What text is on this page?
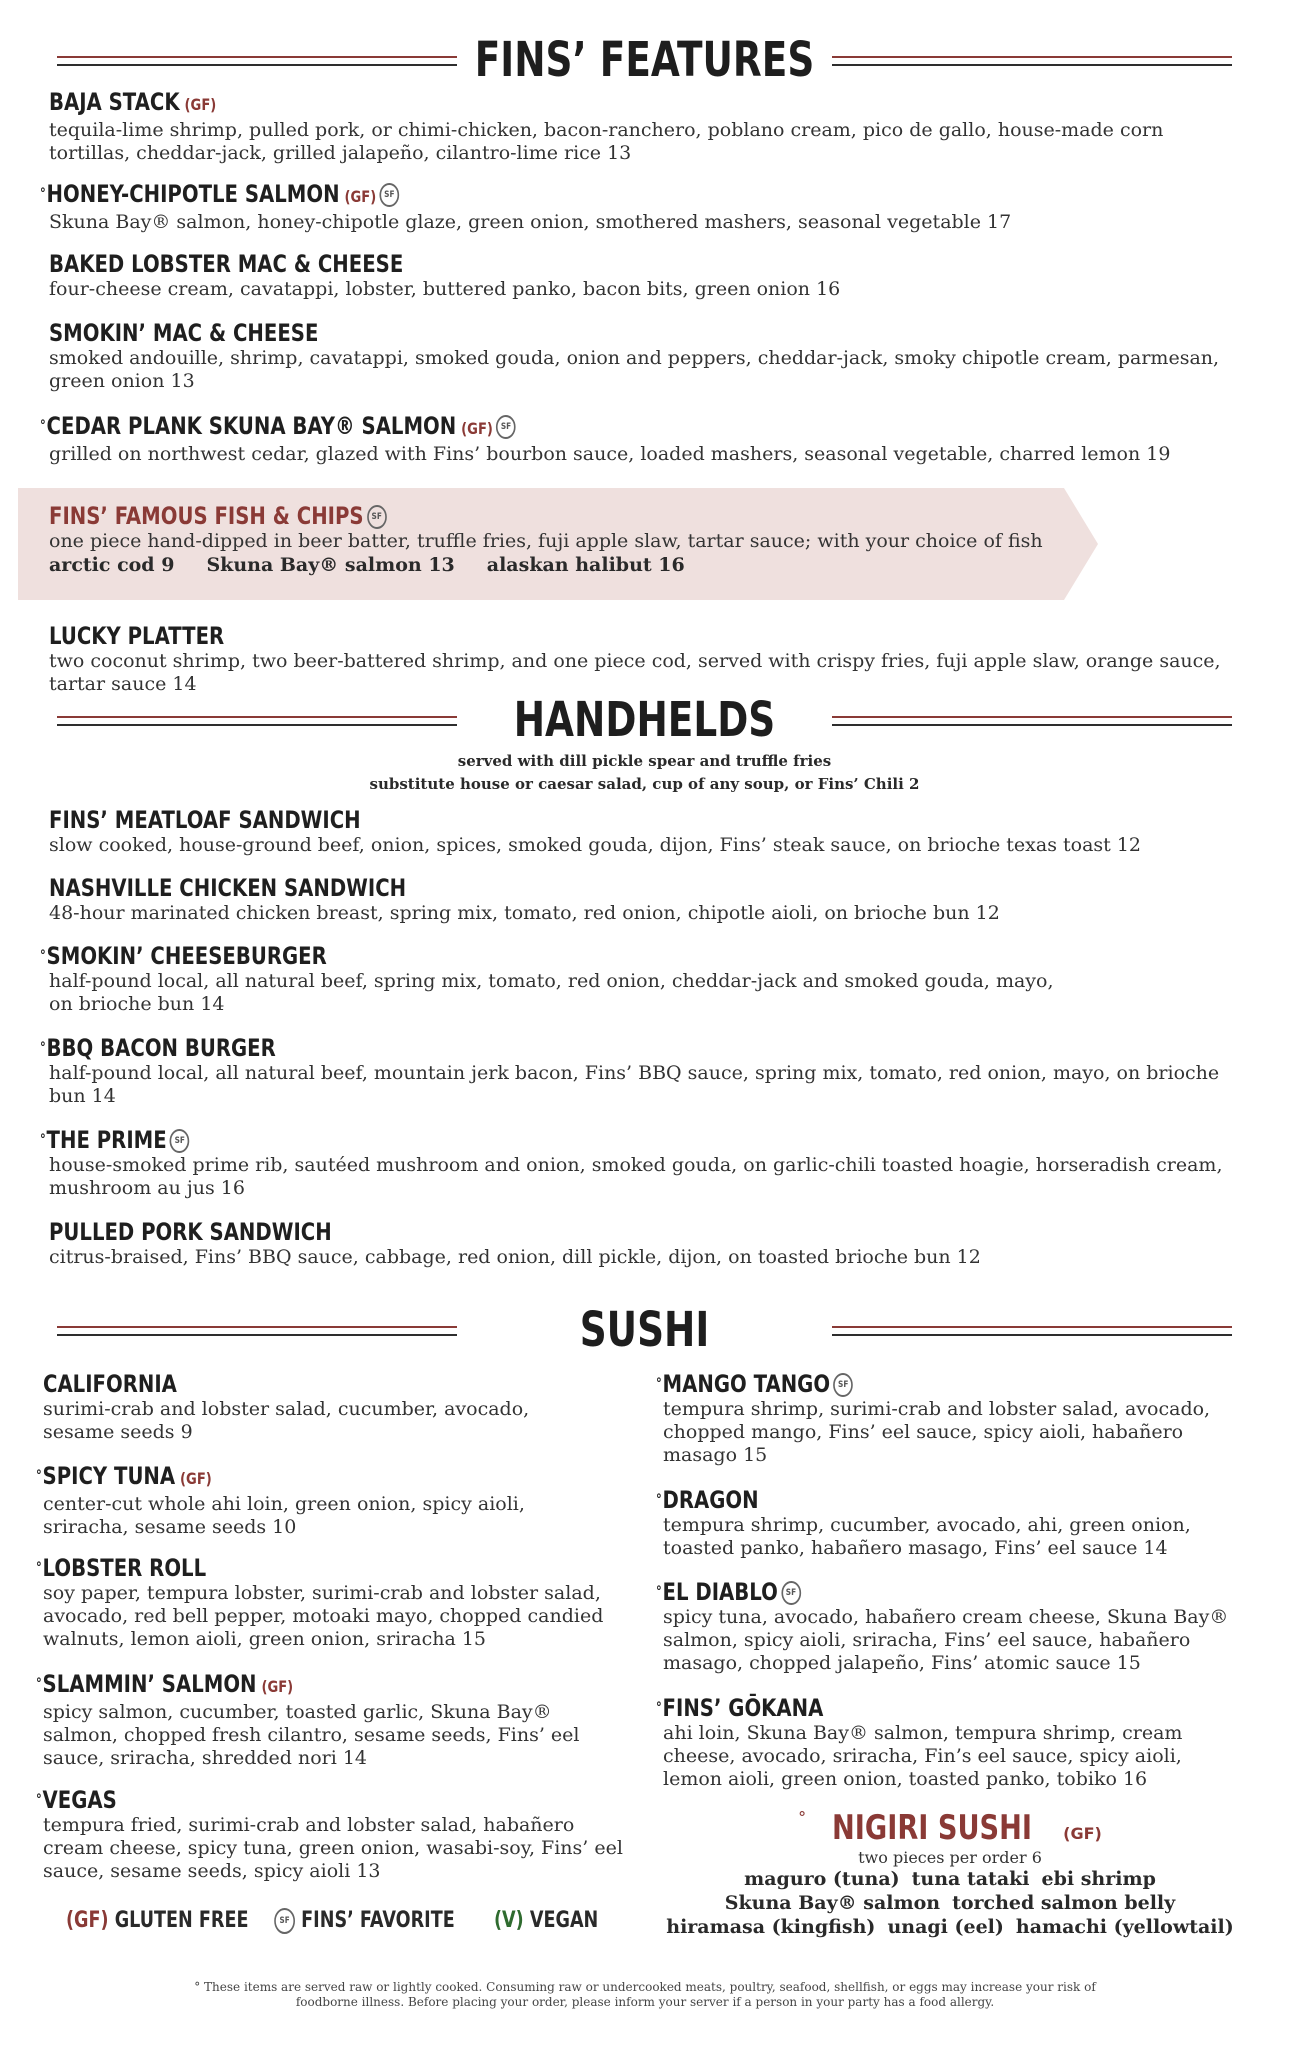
FINS’ FEATURES
BAJA STACK (GF)

tequila-lime shrimp, pulled pork, or chimi-chicken, bacon-ranchero, poblano cream, pico de gallo, house-made corn tortillas, cheddar-jack, grilled jalapeño, cilantro-lime rice 13

°HONEY-CHIPOTLE SALMON (GF) SF

Skuna Bay® salmon, honey-chipotle glaze, green onion, smothered mashers, seasonal vegetable 17

BAKED LOBSTER MAC & CHEESE

four-cheese cream, cavatappi, lobster, buttered panko, bacon bits, green onion 16

SMOKIN’ MAC & CHEESE

smoked andouille, shrimp, cavatappi, smoked gouda, onion and peppers, cheddar-jack, smoky chipotle cream, parmesan, green onion 13

°CEDAR PLANK SKUNA BAY® SALMON (GF) SF

grilled on northwest cedar, glazed with Fins’ bourbon sauce, loaded mashers, seasonal vegetable, charred lemon 19

FINS’ FAMOUS FISH & CHIPS SF

one piece hand-dipped in beer batter, truffle fries, fuji apple slaw, tartar sauce; with your choice of fish

arctic cod 9 Skuna Bay® salmon 13 alaskan halibut 16
LUCKY PLATTER

two coconut shrimp, two beer-battered shrimp, and one piece cod, served with crispy fries, fuji apple slaw, orange sauce, tartar sauce 14

HANDHELDS
served with dill pickle spear and truffle fries
substitute house or caesar salad, cup of any soup, or Fins’ Chili 2
FINS’ MEATLOAF SANDWICH

slow cooked, house-ground beef, onion, spices, smoked gouda, dijon, Fins’ steak sauce, on brioche texas toast 12

NASHVILLE CHICKEN SANDWICH

48-hour marinated chicken breast, spring mix, tomato, red onion, chipotle aioli, on brioche bun 12

°SMOKIN’ CHEESEBURGER

half-pound local, all natural beef, spring mix, tomato, red onion, cheddar-jack and smoked gouda, mayo, on brioche bun 14

°BBQ BACON BURGER

half-pound local, all natural beef, mountain jerk bacon, Fins’ BBQ sauce, spring mix, tomato, red onion, mayo, on brioche bun 14

°THE PRIME SF

house-smoked prime rib, sautéed mushroom and onion, smoked gouda, on garlic-chili toasted hoagie, horseradish cream, mushroom au jus 16

PULLED PORK SANDWICH

citrus-braised, Fins’ BBQ sauce, cabbage, red onion, dill pickle, dijon, on toasted brioche bun 12

SUSHI
CALIFORNIA

surimi-crab and lobster salad, cucumber, avocado, sesame seeds 9

°SPICY TUNA (GF)

center-cut whole ahi loin, green onion, spicy aioli, sriracha, sesame seeds 10

°LOBSTER ROLL

soy paper, tempura lobster, surimi-crab and lobster salad, avocado, red bell pepper, motoaki mayo, chopped candied walnuts, lemon aioli, green onion, sriracha 15

°SLAMMIN’ SALMON (GF)

spicy salmon, cucumber, toasted garlic, Skuna Bay® salmon, chopped fresh cilantro, sesame seeds, Fins’ eel sauce, sriracha, shredded nori 14

°VEGAS

tempura fried, surimi-crab and lobster salad, habañero cream cheese, spicy tuna, green onion, wasabi-soy, Fins’ eel sauce, sesame seeds, spicy aioli 13

°MANGO TANGO SF

tempura shrimp, surimi-crab and lobster salad, avocado, chopped mango, Fins’ eel sauce, spicy aioli, habañero masago 15

°DRAGON

tempura shrimp, cucumber, avocado, ahi, green onion, toasted panko, habañero masago, Fins’ eel sauce 14

°EL DIABLO SF

spicy tuna, avocado, habañero cream cheese, Skuna Bay® salmon, spicy aioli, sriracha, Fins’ eel sauce, habañero masago, chopped jalapeño, Fins’ atomic sauce 15

°FINS’ GŌKANA

ahi loin, Skuna Bay® salmon, tempura shrimp, cream cheese, avocado, sriracha, Fin’s eel sauce, spicy aioli, lemon aioli, green onion, toasted panko, tobiko 16

° NIGIRI SUSHI (GF)
two pieces per order 6
maguro (tuna) tuna tataki ebi shrimp
Skuna Bay® salmon torched salmon belly
hiramasa (kingfish) unagi (eel) hamachi (yellowtail)
(GF) GLUTEN FREE	SF FINS’ FAVORITE (V) VEGAN
° These items are served raw or lightly cooked. Consuming raw or undercooked meats, poultry, seafood, shellfish, or eggs may increase your risk of foodborne illness. Before placing your order, please inform your server if a person in your party has a food allergy.
